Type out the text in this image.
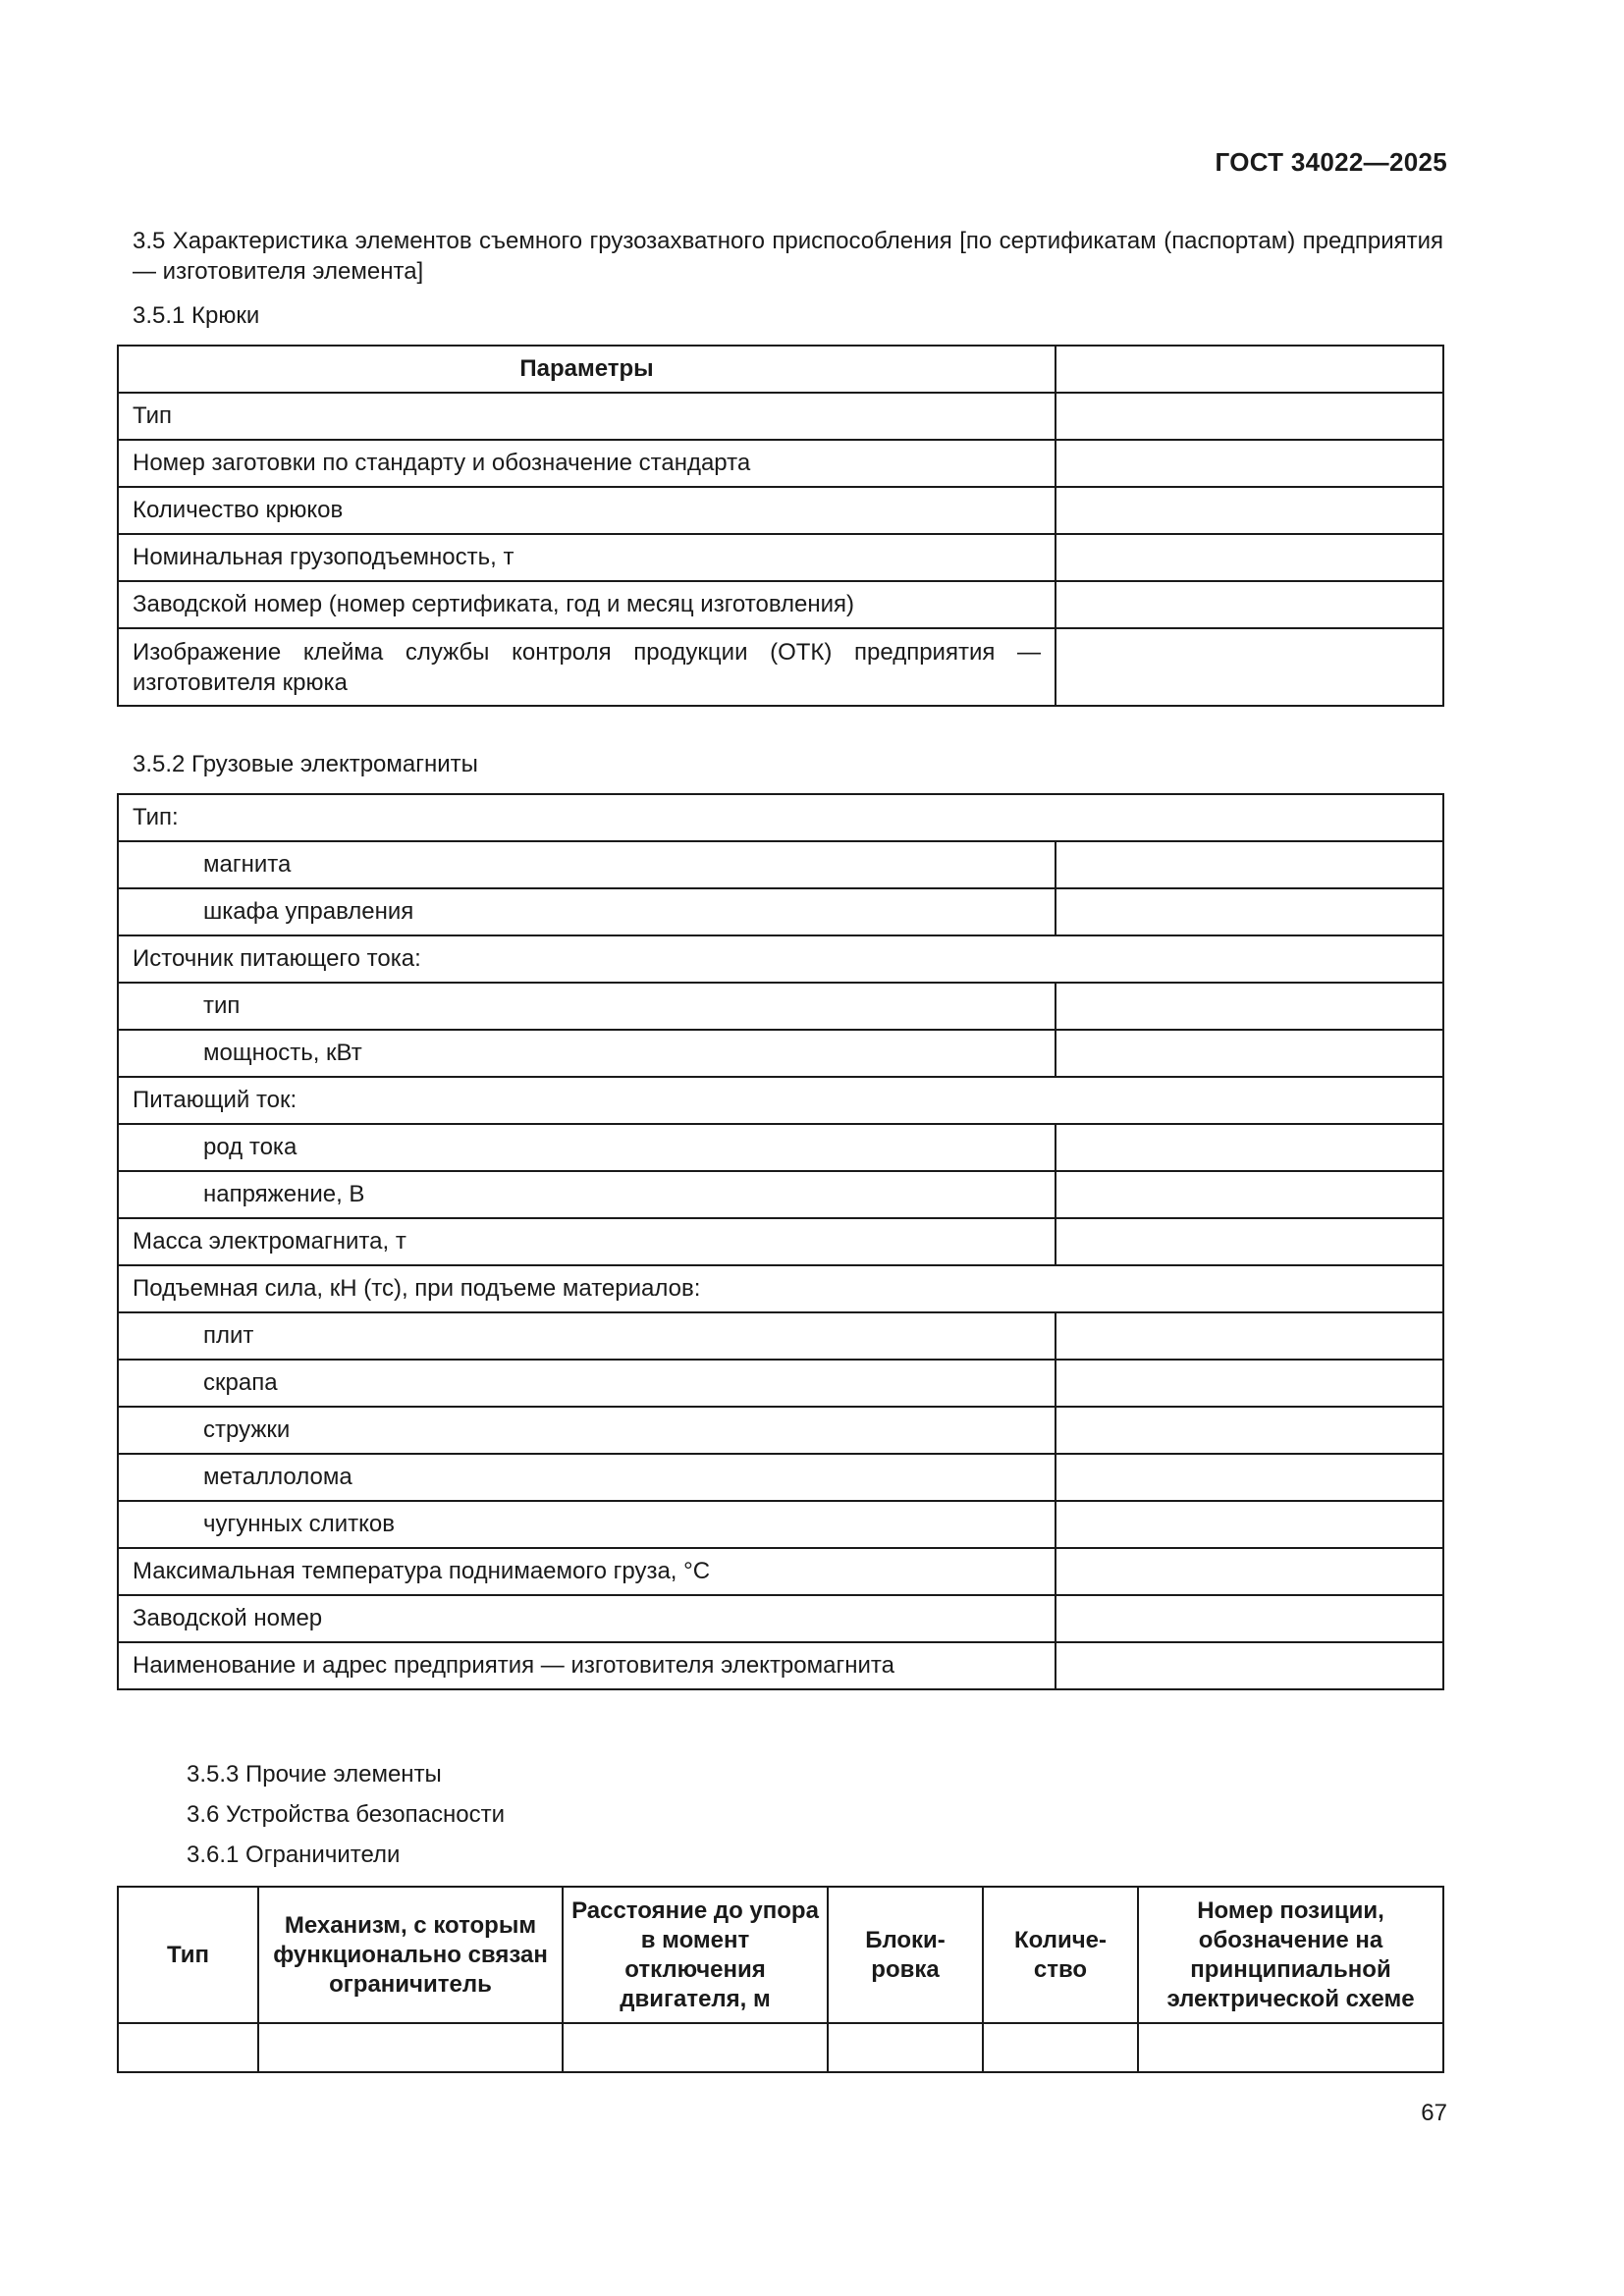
ГОСТ 34022—2025
3.5 Характеристика элементов съемного грузозахватного приспособления [по сертификатам (паспортам) предприятия — изготовителя элемента]
3.5.1 Крюки
Параметры	
Тип	
Номер заготовки по стандарту и обозначение стандарта	
Количество крюков	
Номинальная грузоподъемность, т	
Заводской номер (номер сертификата, год и месяц изготовления)	
Изображение клейма службы контроля продукции (ОТК) предприятия — изготовителя крюка	
3.5.2 Грузовые электромагниты
Тип:	
магнита	
шкафа управления	
Источник питающего тока:	
тип	
мощность, кВт	
Питающий ток:	
род тока	
напряжение, В	
Масса электромагнита, т	
Подъемная сила, кН (тс), при подъеме материалов:	
плит	
скрапа	
стружки	
металлолома	
чугунных слитков	
Максимальная температура поднимаемого груза, °С	
Заводской номер	
Наименование и адрес предприятия — изготовителя электромагнита	
3.5.3 Прочие элементы
3.6 Устройства безопасности
3.6.1 Ограничители
Тип	Механизм, с которым функционально связан ограничитель	Расстояние до упора в момент отключения двигателя, м	Блоки-ровка	Количе-ство	Номер позиции, обозначение на принципиальной электрической схеме

67
